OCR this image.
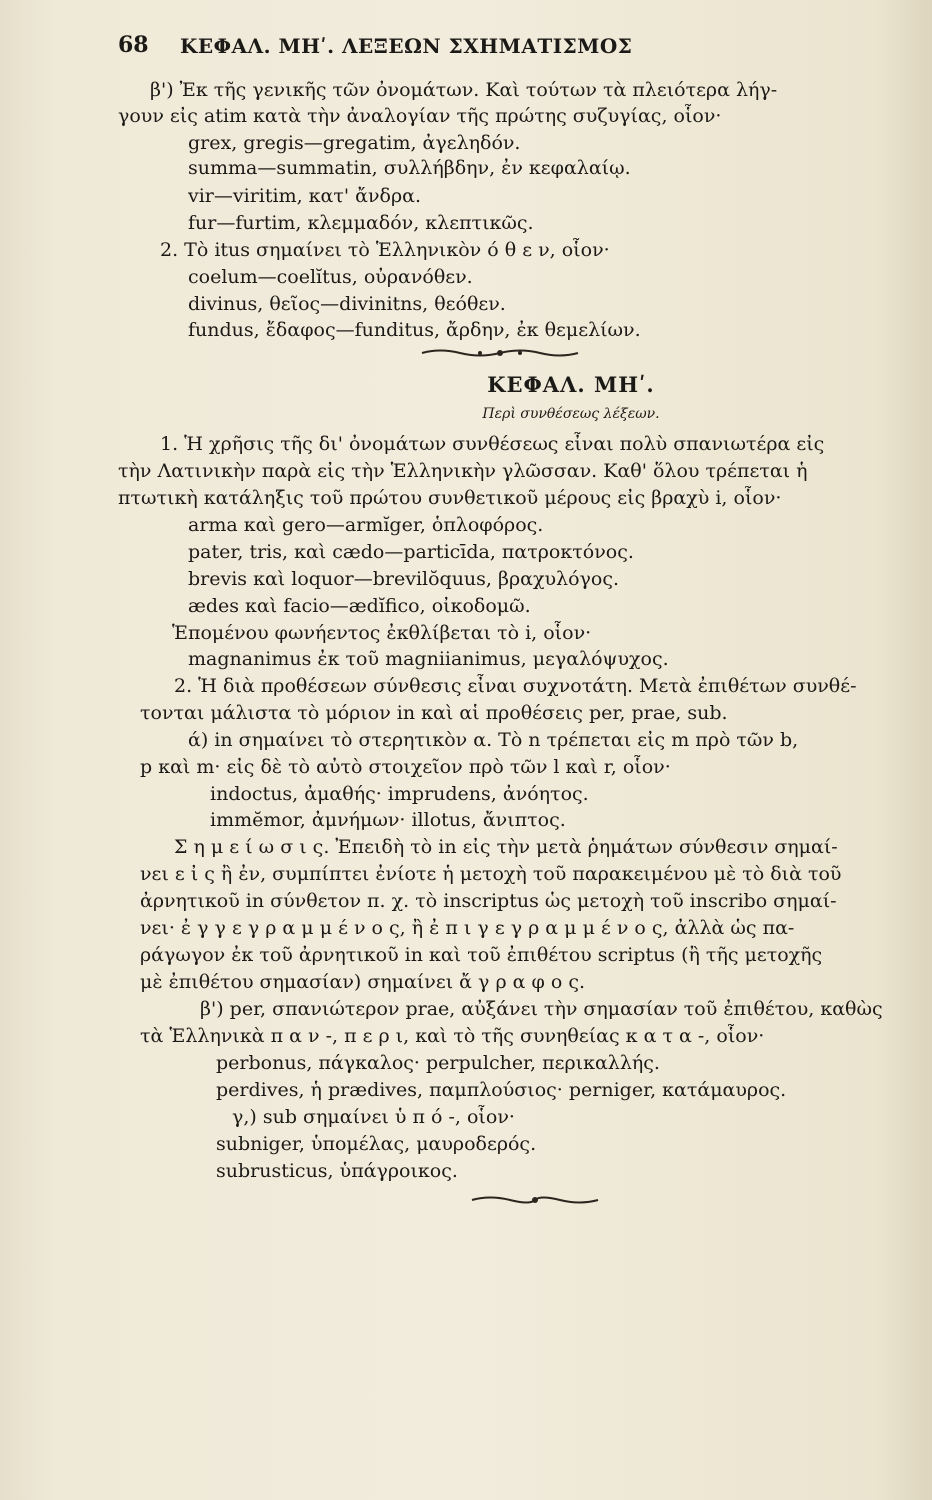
68 ΚΕΦΑΛ. ΜΗʹ. ΛΕΞΕΩΝ ΣΧΗΜΑΤΙΣΜΟΣ
β') Ἐκ τῆς γενικῆς τῶν ὀνομάτων. Καὶ τούτων τὰ πλειότερα λήγ-
γουν εἰς atim κατὰ τὴν ἀναλογίαν τῆς πρώτης συζυγίας, οἷον·
grex, gregis—gregatim, ἀγεληδόν.
summa—summatin, συλλήβδην, ἐν κεφαλαίῳ.
vir—viritim, κατ' ἄνδρα.
fur—furtim, κλεμμαδόν, κλεπτικῶς.
2. Τὸ itus σημαίνει τὸ Ἑλληνικὸν ό θ ε ν, οἷον·
coelum—coelĭtus, οὐρανόθεν.
divinus, θεῖος—divinitns, θεόθεν.
fundus, ἔδαφος—funditus, ἄρδην, ἐκ θεμελίων.
ΚΕΦΑΛ. ΜΗʹ.
Περὶ συνθέσεως λέξεων.
1. Ἡ χρῆσις τῆς δι' ὀνομάτων συνθέσεως εἶναι πολὺ σπανιωτέρα εἰς
τὴν Λατινικὴν παρὰ εἰς τὴν Ἑλληνικὴν γλῶσσαν. Καθ' ὅλου τρέπεται ἡ
πτωτικὴ κατάληξις τοῦ πρώτου συνθετικοῦ μέρους εἰς βραχὺ i, οἷον·
arma καὶ gero—armĭger, ὁπλοφόρος.
pater, tris, καὶ cædo—particīda, πατροκτόνος.
brevis καὶ loquor—brevilŏquus, βραχυλόγος.
ædes καὶ facio—ædĭfico, οἰκοδομῶ.
Ἑπομένου φωνήεντος ἐκθλίβεται τὸ i, οἷον·
magnanimus ἐκ τοῦ magniianimus, μεγαλόψυχος.
2. Ἡ διὰ προθέσεων σύνθεσις εἶναι συχνοτάτη. Μετὰ ἐπιθέτων συνθέ-
τονται μάλιστα τὸ μόριον in καὶ αἱ προθέσεις per, prae, sub.
ά) in σημαίνει τὸ στερητικὸν α. Τὸ n τρέπεται εἰς m πρὸ τῶν b,
p καὶ m· εἰς δὲ τὸ αὐτὸ στοιχεῖον πρὸ τῶν l καὶ r, οἷον·
indoctus, ἀμαθής· imprudens, ἀνόητος.
immĕmor, ἀμνήμων· illotus, ἄνιπτος.
Σ η μ ε ί ω σ ι ς. Ἐπειδὴ τὸ in εἰς τὴν μετὰ ῥημάτων σύνθεσιν σημαί-
νει ε ἰ ς ἢ ἐν, συμπίπτει ἐνίοτε ἡ μετοχὴ τοῦ παρακειμένου μὲ τὸ διὰ τοῦ
ἀρνητικοῦ in σύνθετον π. χ. τὸ inscriptus ὡς μετοχὴ τοῦ inscribo σημαί-
νει· ἐ γ γ ε γ ρ α μ μ έ ν ο ς, ἢ ἐ π ι γ ε γ ρ α μ μ έ ν ο ς, ἀλλὰ ὡς πα-
ράγωγον ἐκ τοῦ ἀρνητικοῦ in καὶ τοῦ ἐπιθέτου scriptus (ἢ τῆς μετοχῆς
μὲ ἐπιθέτου σημασίαν) σημαίνει ἄ γ ρ α φ ο ς.
β') per, σπανιώτερον prae, αὐξάνει τὴν σημασίαν τοῦ ἐπιθέτου, καθὼς
τὰ Ἑλληνικὰ π α ν -, π ε ρ ι, καὶ τὸ τῆς συνηθείας κ α τ α -, οἷον·
perbonus, πάγκαλος· perpulcher, περικαλλής.
perdives, ἡ prædives, παμπλούσιος· perniger, κατάμαυρος.
γ,) sub σημαίνει ὑ π ό -, οἷον·
subniger, ὑπομέλας, μαυροδερός.
subrusticus, ὑπάγροικος.
